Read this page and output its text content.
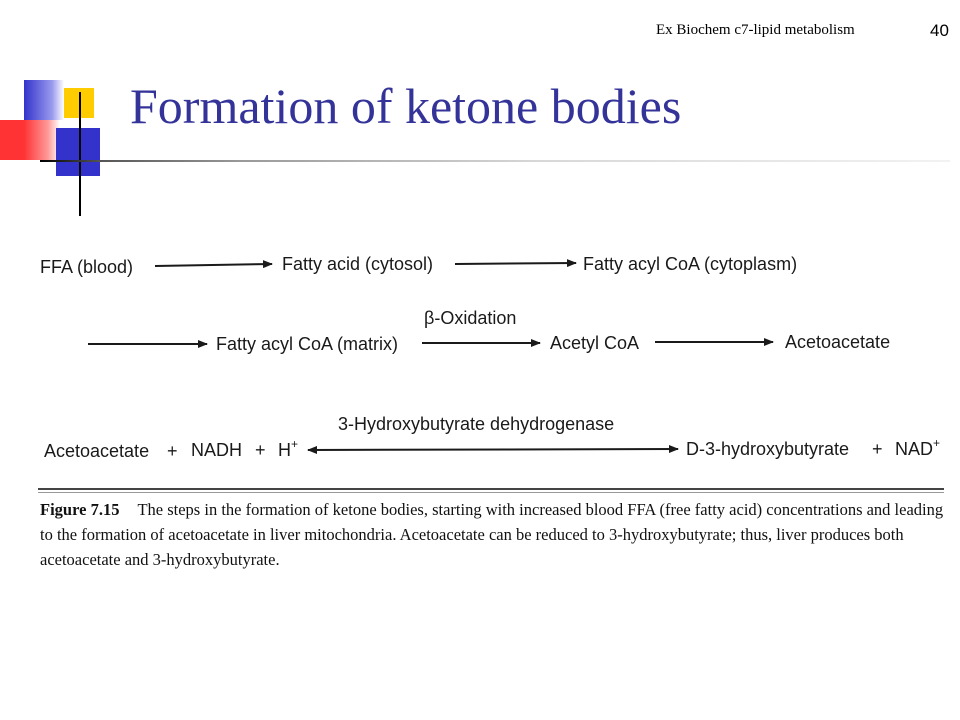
Ex Biochem c7-lipid metabolism	40
Formation of ketone bodies
FFA (blood)	Fatty acid (cytosol)	Fatty acyl CoA (cytoplasm)
Fatty acyl CoA (matrix)
β-Oxidation
Acetyl CoA	Acetoacetate
3-Hydroxybutyrate dehydrogenase
Acetoacetate + NADH + H+	D-3-hydroxybutyrate + NAD+
Figure 7.15 The steps in the formation of ketone bodies, starting with increased blood FFA (free fatty acid) concentrations and leading to the formation of acetoacetate in liver mitochondria. Acetoacetate can be reduced to 3-hydroxybutyrate; thus, liver produces both acetoacetate and 3-hydroxybutyrate.
